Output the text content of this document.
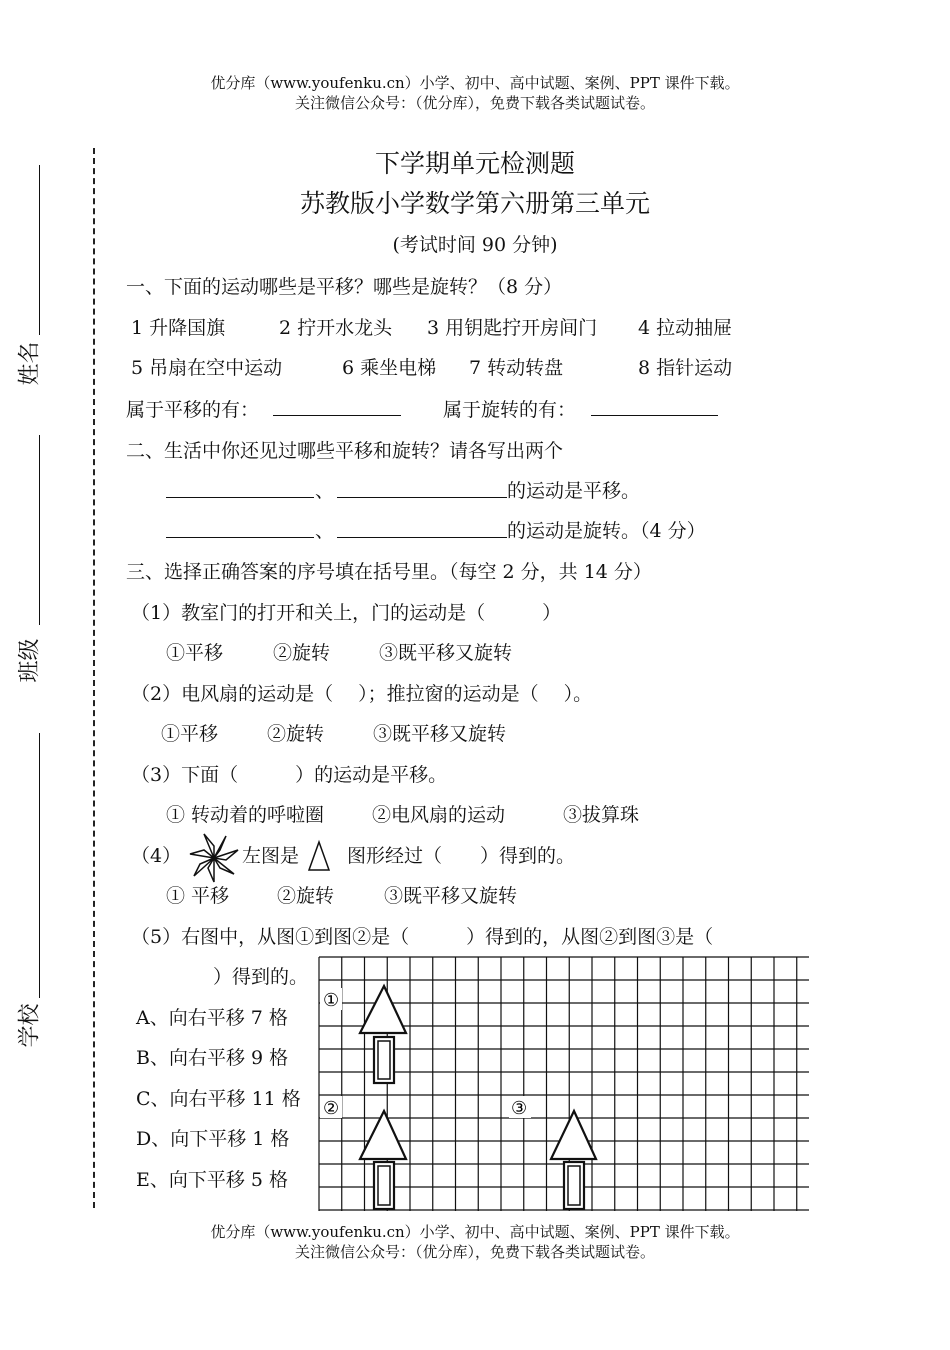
优分库（www.youfenku.cn）小学、初中、高中试题、案例、PPT 课件下载。
关注微信公众号：（优分库），免费下载各类试题试卷。
姓名
班级
学校
下学期单元检测题
苏教版小学数学第六册第三单元
(考试时间 90 分钟)
一、下面的运动哪些是平移？哪些是旋转？（8 分）
1 升降国旗	2 拧开水龙头 3 用钥匙拧开房间门 4 拉动抽屉
5 吊扇在空中运动	6 乘坐电梯 7 转动转盘	8 指针运动
属于平移的有：	属于旋转的有：
二、生活中你还见过哪些平移和旋转？请各写出两个
、	的运动是平移。
、	的运动是旋转。（4 分）
三、选择正确答案的序号填在括号里。（每空 2 分，共 14 分）
（1）教室门的打开和关上，门的运动是（　　　）
①平移	②旋转	③既平移又旋转
（2）电风扇的运动是（　 ）；推拉窗的运动是（　 ）。
①平移	②旋转	③既平移又旋转
（3）下面（　　　）的运动是平移。
① 转动着的呼啦圈	②电风扇的运动	③拔算珠
（4）	左图是	图形经过（　　）得到的。
① 平移	②旋转	③既平移又旋转
（5）右图中，从图①到图②是（　　　）得到的，从图②到图③是（
）得到的。
A、向右平移 7 格
B、向右平移 9 格
C、向右平移 11 格
D、向下平移 1 格
E、向下平移 5 格
①
②	③
优分库（www.youfenku.cn）小学、初中、高中试题、案例、PPT 课件下载。
关注微信公众号：（优分库），免费下载各类试题试卷。
